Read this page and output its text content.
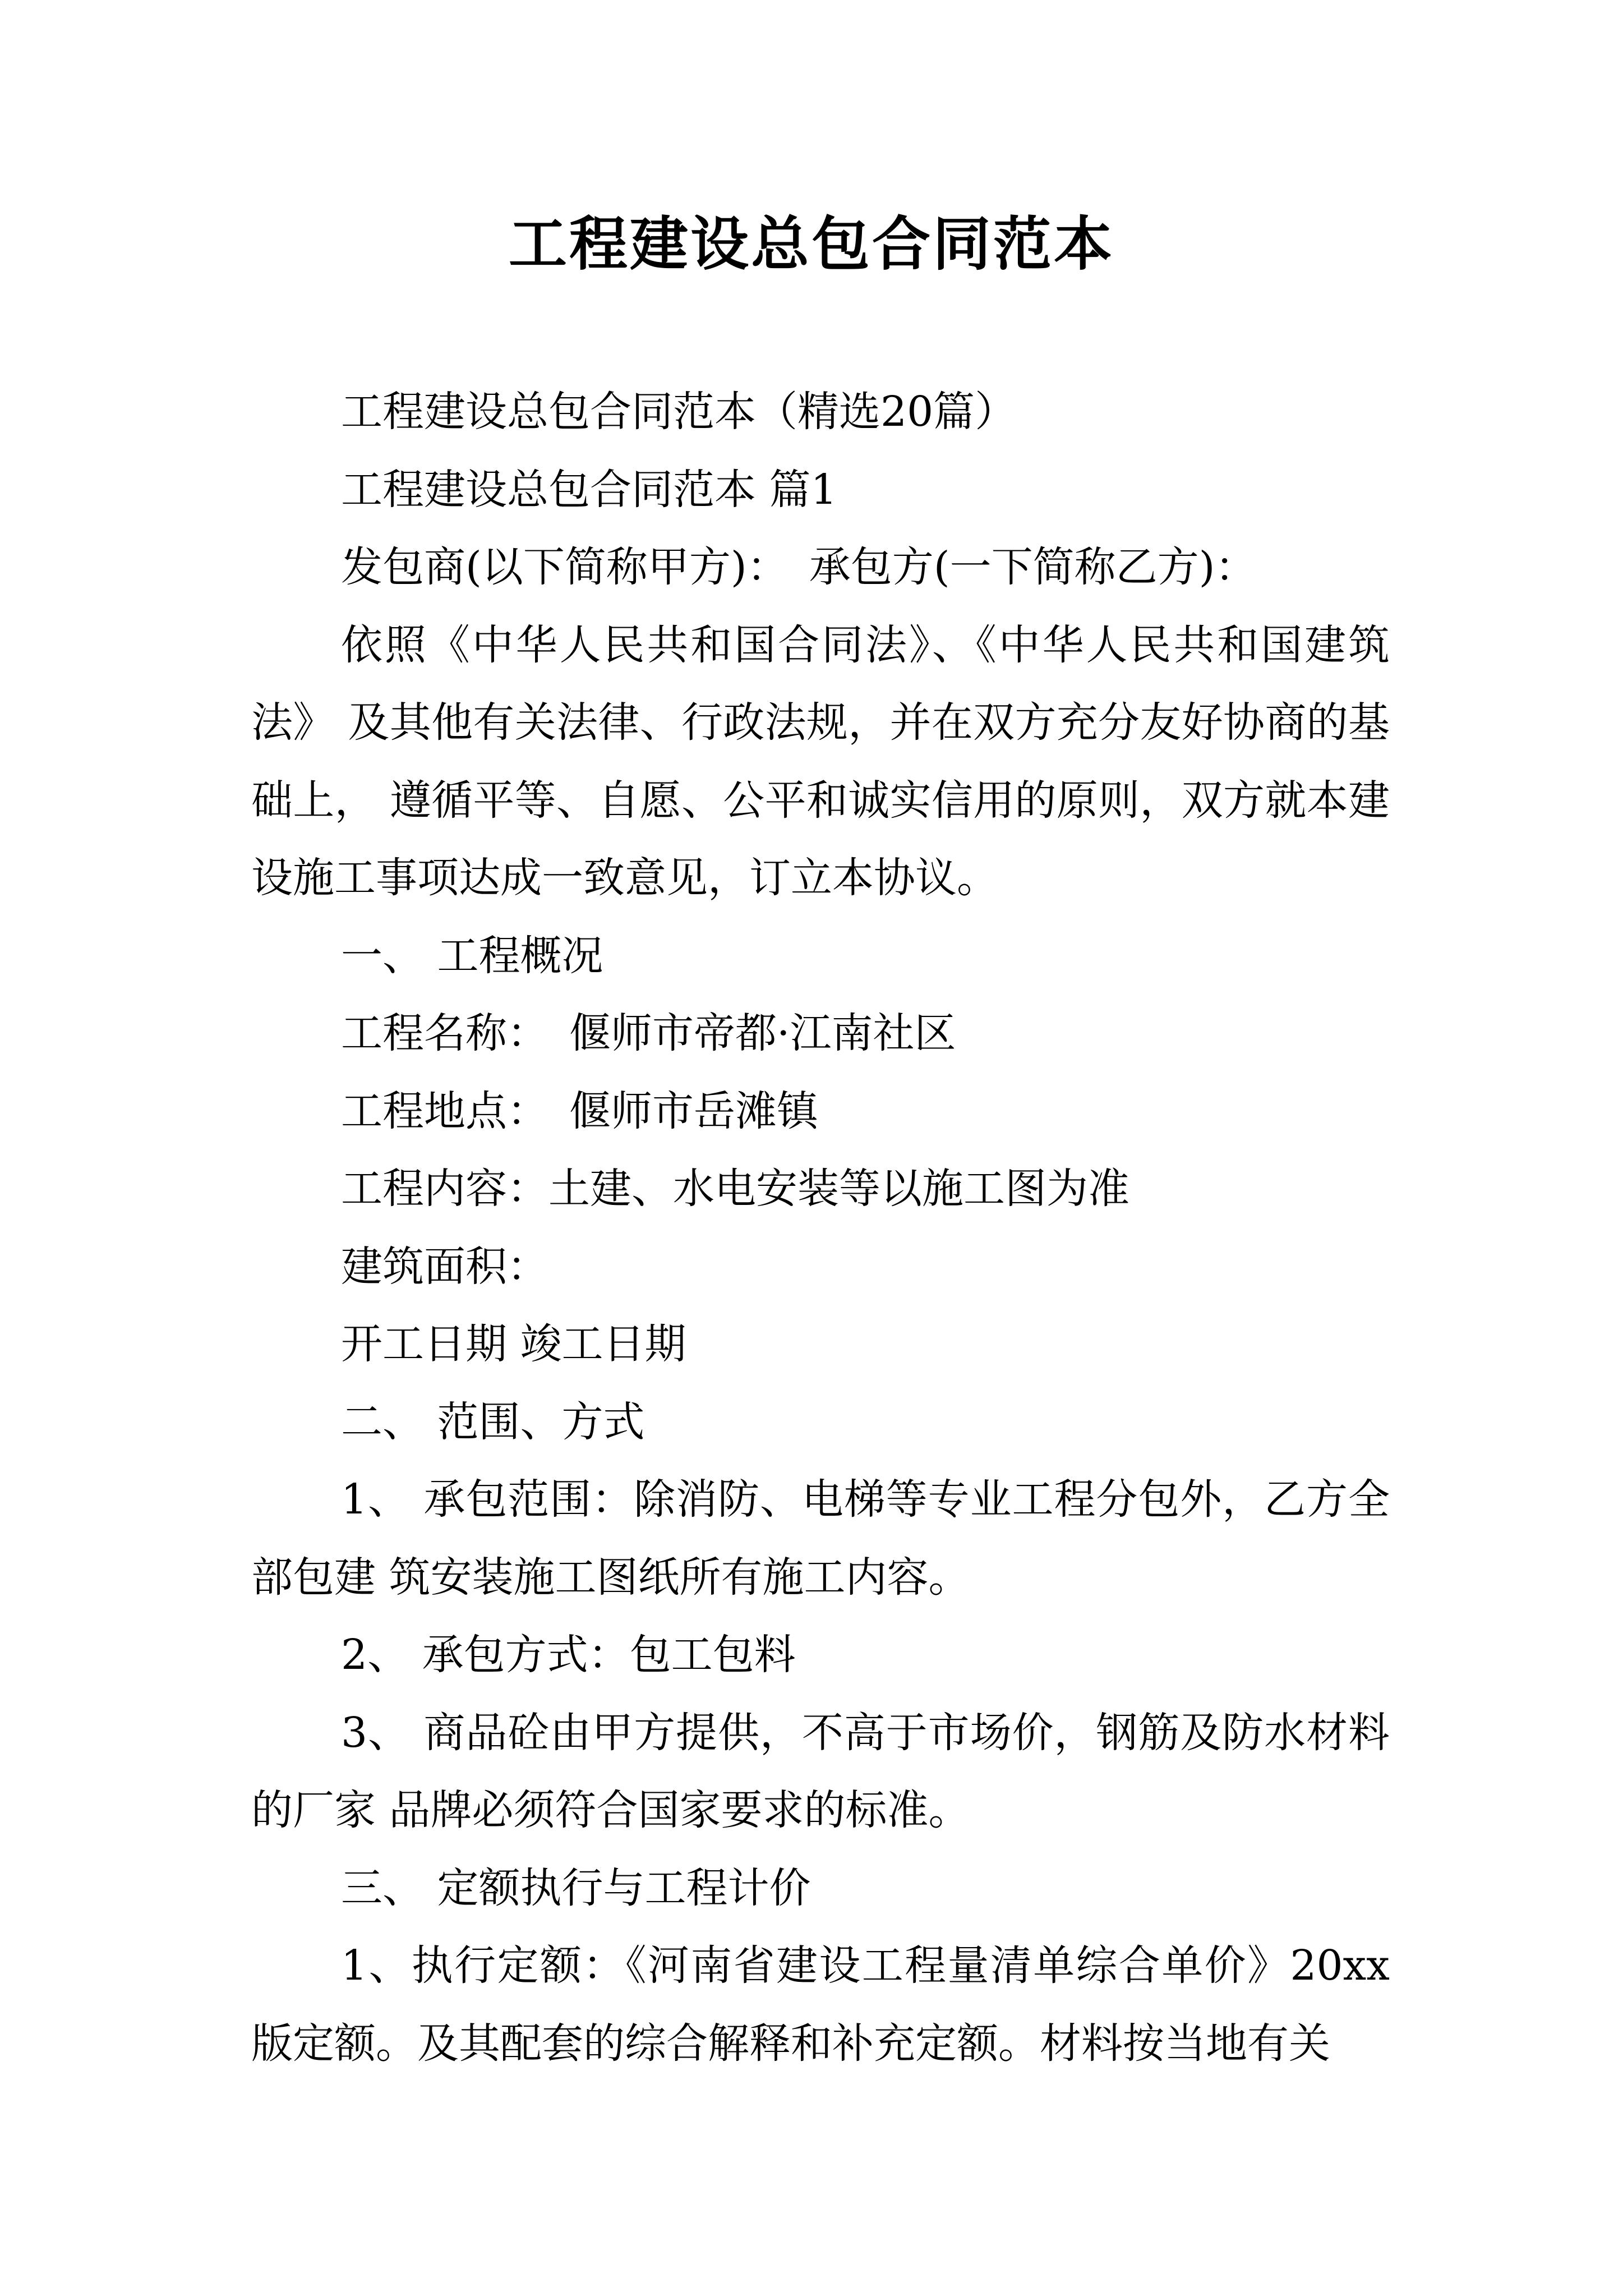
工程建设总包合同范本

工程建设总包合同范本（精选20篇）

工程建设总包合同范本 篇1

发包商(以下简称甲方)：　承包方(一下简称乙方)：

依照《中华人民共和国合同法》、《中华人民共和国建筑法》 及其他有关法律、行政法规，并在双方充分友好协商的基础上， 遵循平等、自愿、公平和诚实信用的原则，双方就本建设施工事项达成一致意见，订立本协议。

一、 工程概况

工程名称：　偃师市帝都·江南社区

工程地点：　偃师市岳滩镇

工程内容：土建、水电安装等以施工图为准

建筑面积：

开工日期 竣工日期

二、 范围、方式

1、 承包范围：除消防、电梯等专业工程分包外，乙方全部包建 筑安装施工图纸所有施工内容。

2、 承包方式：包工包料

3、 商品砼由甲方提供，不高于市场价，钢筋及防水材料的厂家 品牌必须符合国家要求的标准。

三、 定额执行与工程计价

1、执行定额：《河南省建设工程量清单综合单价》20xx版定额。及其配套的综合解释和补充定额。材料按当地有关
